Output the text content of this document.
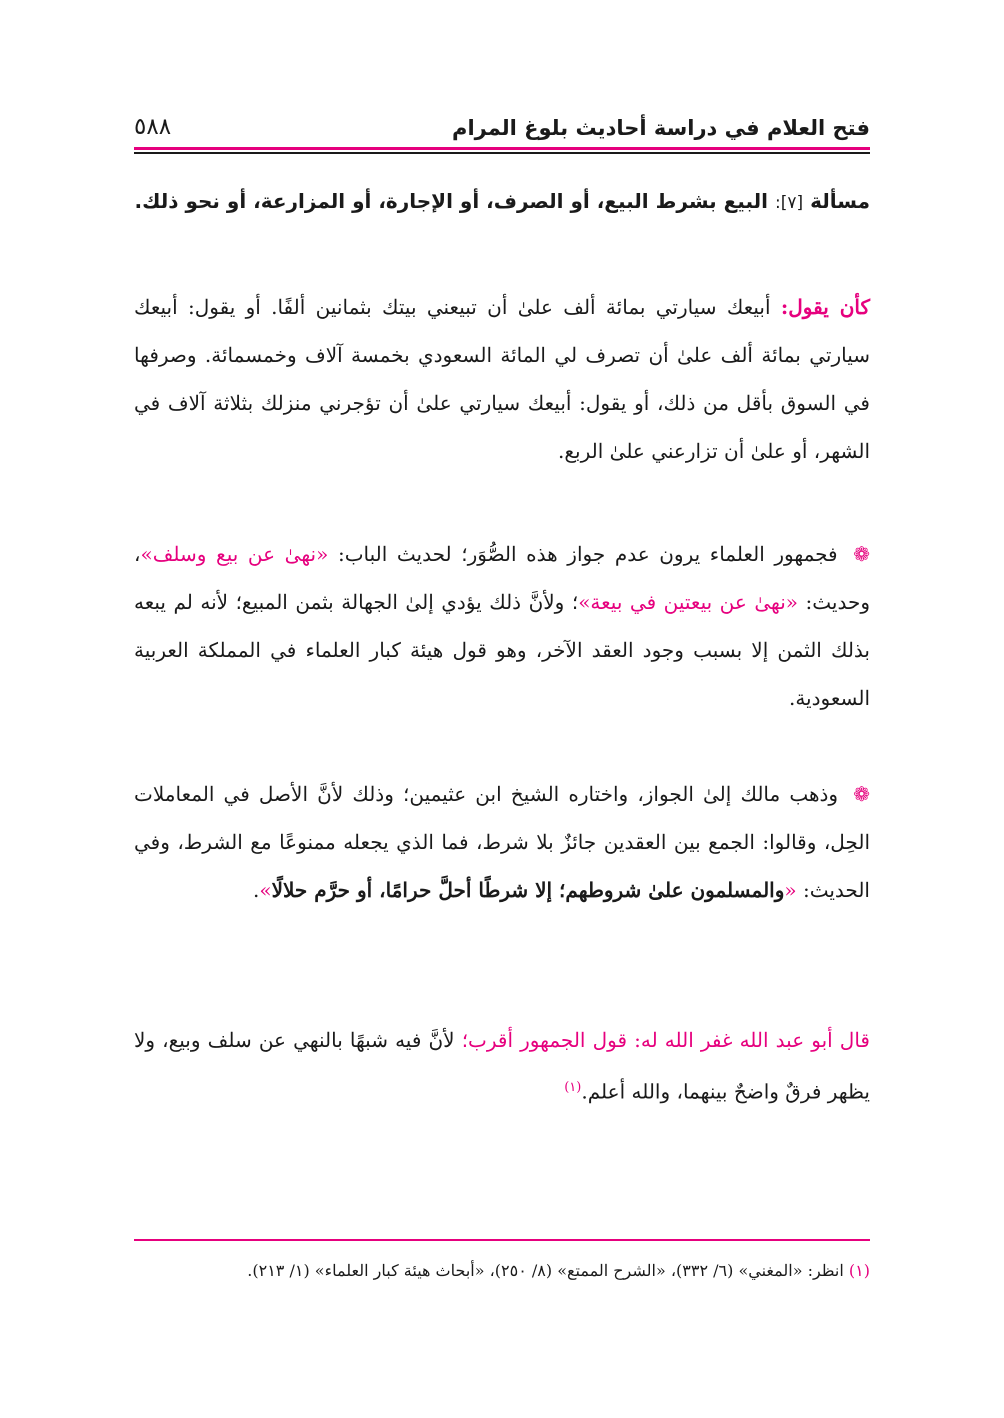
فتح العلام في دراسة أحاديث بلوغ المرام
٥٨٨
مسألة [٧]: البيع بشرط البيع، أو الصرف، أو الإجارة، أو المزارعة، أو نحو ذلك.

كأن يقول: أبيعك سيارتي بمائة ألف علىٰ أن تبيعني بيتك بثمانين ألفًا. أو يقول: أبيعك سيارتي بمائة ألف علىٰ أن تصرف لي المائة السعودي بخمسة آلاف وخمسمائة. وصرفها في السوق بأقل من ذلك، أو يقول: أبيعك سيارتي علىٰ أن تؤجرني منزلك بثلاثة آلاف في الشهر، أو علىٰ أن تزارعني علىٰ الربع.

❁ فجمهور العلماء يرون عدم جواز هذه الصُّوَر؛ لحديث الباب: «نهىٰ عن بيع وسلف»، وحديث: «نهىٰ عن بيعتين في بيعة»؛ ولأنَّ ذلك يؤدي إلىٰ الجهالة بثمن المبيع؛ لأنه لم يبعه بذلك الثمن إلا بسبب وجود العقد الآخر، وهو قول هيئة كبار العلماء في المملكة العربية السعودية.

❁ وذهب مالك إلىٰ الجواز، واختاره الشيخ ابن عثيمين؛ وذلك لأنَّ الأصل في المعاملات الحِل، وقالوا: الجمع بين العقدين جائزٌ بلا شرط، فما الذي يجعله ممنوعًا مع الشرط، وفي الحديث: «والمسلمون علىٰ شروطهم؛ إلا شرطًا أحلَّ حرامًا، أو حرَّم حلالًا».

قال أبو عبد الله غفر الله له: قول الجمهور أقرب؛ لأنَّ فيه شبهًا بالنهي عن سلف وبيع، ولا يظهر فرقٌ واضحٌ بينهما، والله أعلم.$^{(١)}$

(١) انظر: «المغني» (٦/ ٣٣٢)، «الشرح الممتع» (٨/ ٢٥٠)، «أبحاث هيئة كبار العلماء» (١/ ٢١٣).
